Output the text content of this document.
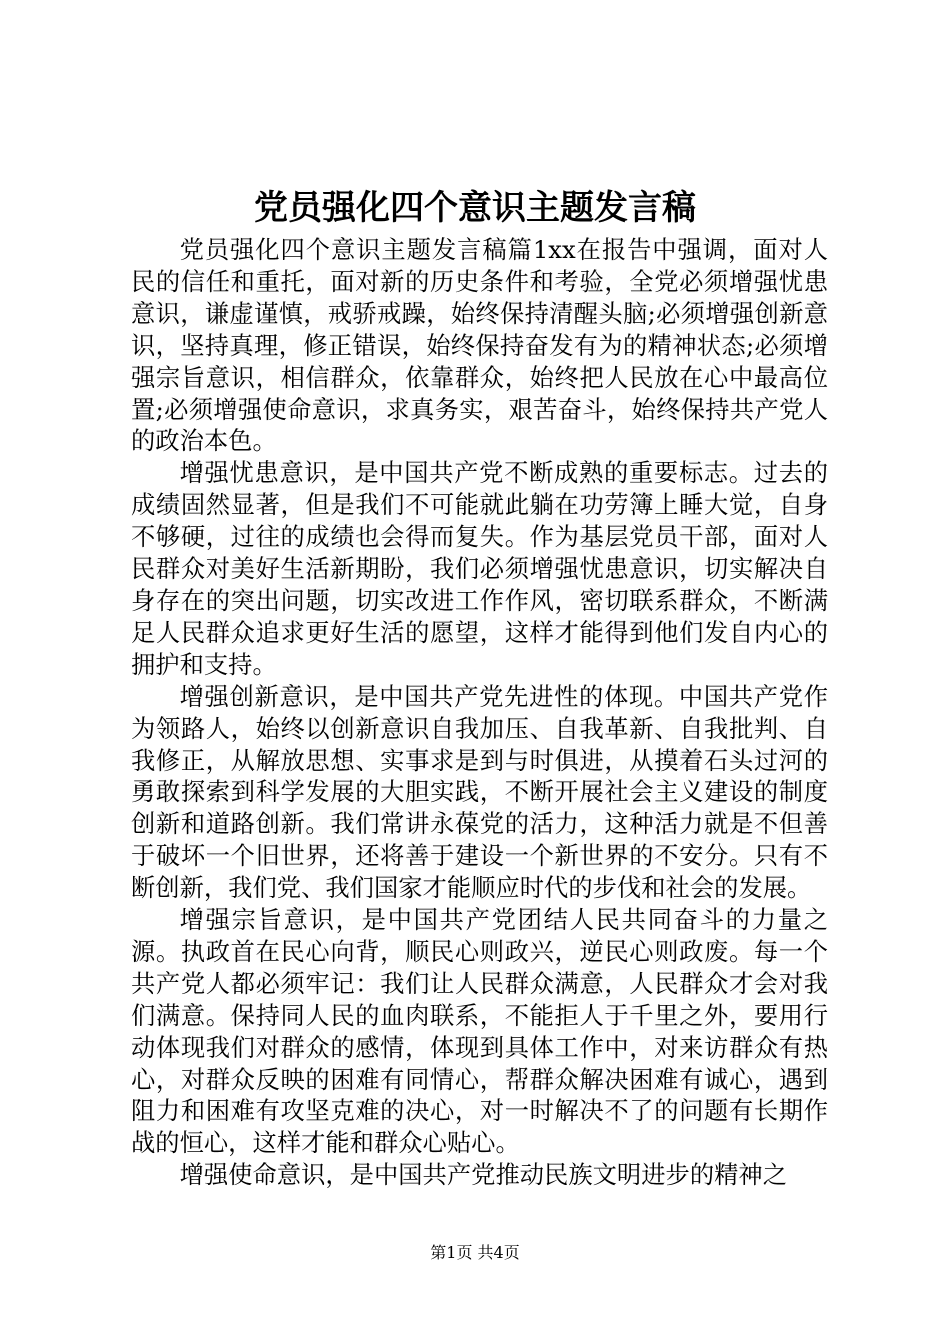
党员强化四个意识主题发言稿

党员强化四个意识主题发言稿篇1xx在报告中强调，面对人民的信任和重托，面对新的历史条件和考验，全党必须增强忧患意识，谦虚谨慎，戒骄戒躁，始终保持清醒头脑;必须增强创新意识，坚持真理，修正错误，始终保持奋发有为的精神状态;必须增强宗旨意识，相信群众，依靠群众，始终把人民放在心中最高位置;必须增强使命意识，求真务实，艰苦奋斗，始终保持共产党人的政治本色。

增强忧患意识，是中国共产党不断成熟的重要标志。过去的成绩固然显著，但是我们不可能就此躺在功劳簿上睡大觉，自身不够硬，过往的成绩也会得而复失。作为基层党员干部，面对人民群众对美好生活新期盼，我们必须增强忧患意识，切实解决自身存在的突出问题，切实改进工作作风，密切联系群众，不断满足人民群众追求更好生活的愿望，这样才能得到他们发自内心的拥护和支持。

增强创新意识，是中国共产党先进性的体现。中国共产党作为领路人，始终以创新意识自我加压、自我革新、自我批判、自我修正，从解放思想、实事求是到与时俱进，从摸着石头过河的勇敢探索到科学发展的大胆实践，不断开展社会主义建设的制度创新和道路创新。我们常讲永葆党的活力，这种活力就是不但善于破坏一个旧世界，还将善于建设一个新世界的不安分。只有不断创新，我们党、我们国家才能顺应时代的步伐和社会的发展。

增强宗旨意识，是中国共产党团结人民共同奋斗的力量之源。执政首在民心向背，顺民心则政兴，逆民心则政废。每一个共产党人都必须牢记：我们让人民群众满意，人民群众才会对我们满意。保持同人民的血肉联系，不能拒人于千里之外，要用行动体现我们对群众的感情，体现到具体工作中，对来访群众有热心，对群众反映的困难有同情心，帮群众解决困难有诚心，遇到阻力和困难有攻坚克难的决心，对一时解决不了的问题有长期作战的恒心，这样才能和群众心贴心。

增强使命意识，是中国共产党推动民族文明进步的精神之

第1页 共4页
